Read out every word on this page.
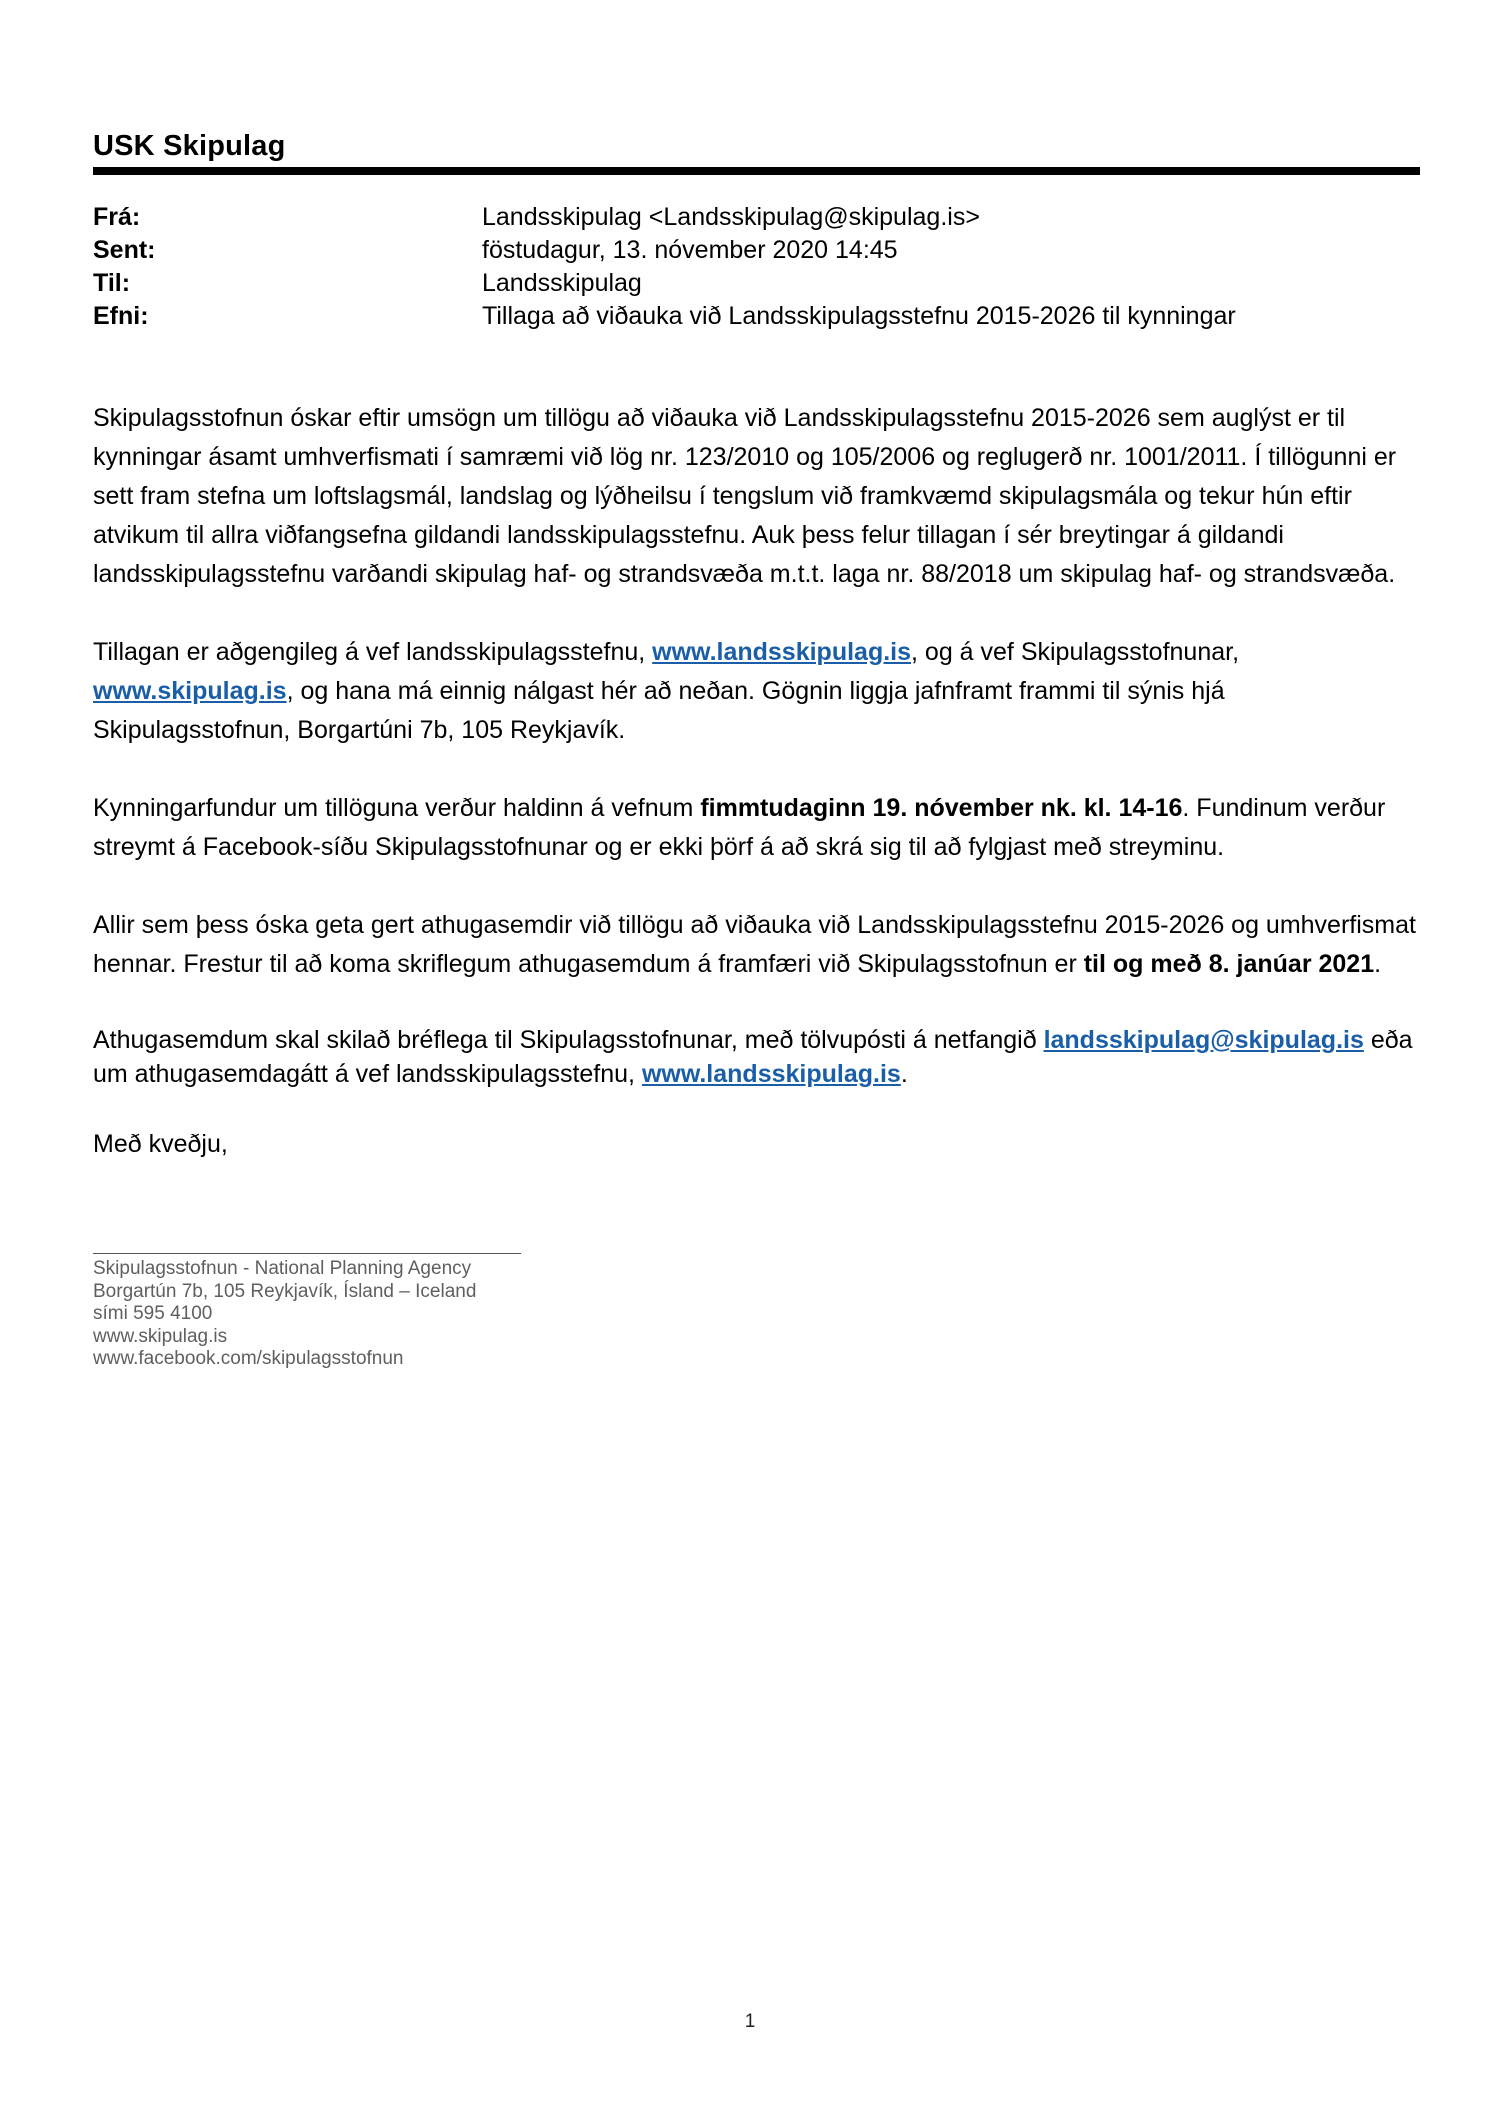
USK Skipulag
Frá:	Landsskipulag <Landsskipulag@skipulag.is>
Sent:	föstudagur, 13. nóvember 2020 14:45
Til:	Landsskipulag
Efni:	Tillaga að viðauka við Landsskipulagsstefnu 2015-2026 til kynningar

Skipulagsstofnun óskar eftir umsögn um tillögu að viðauka við Landsskipulagsstefnu 2015-2026 sem auglýst er til kynningar ásamt umhverfismati í samræmi við lög nr. 123/2010 og 105/2006 og reglugerð nr. 1001/2011. Í tillögunni er sett fram stefna um loftslagsmál, landslag og lýðheilsu í tengslum við framkvæmd skipulagsmála og tekur hún eftir atvikum til allra viðfangsefna gildandi landsskipulagsstefnu. Auk þess felur tillagan í sér breytingar á gildandi landsskipulagsstefnu varðandi skipulag haf- og strandsvæða m.t.t. laga nr. 88/2018 um skipulag haf- og strandsvæða.

Tillagan er aðgengileg á vef landsskipulagsstefnu, www.landsskipulag.is, og á vef Skipulagsstofnunar, www.skipulag.is, og hana má einnig nálgast hér að neðan. Gögnin liggja jafnframt frammi til sýnis hjá Skipulagsstofnun, Borgartúni 7b, 105 Reykjavík.

Kynningarfundur um tillöguna verður haldinn á vefnum fimmtudaginn 19. nóvember nk. kl. 14-16. Fundinum verður streymt á Facebook-síðu Skipulagsstofnunar og er ekki þörf á að skrá sig til að fylgjast með streyminu.

Allir sem þess óska geta gert athugasemdir við tillögu að viðauka við Landsskipulagsstefnu 2015-2026 og umhverfismat hennar. Frestur til að koma skriflegum athugasemdum á framfæri við Skipulagsstofnun er til og með 8. janúar 2021.

Athugasemdum skal skilað bréflega til Skipulagsstofnunar, með tölvupósti á netfangið landsskipulag@skipulag.is eða um athugasemdagátt á vef landsskipulagsstefnu, www.landsskipulag.is.

Með kveðju,

Skipulagsstofnun - National Planning Agency
Borgartún 7b, 105 Reykjavík, Ísland – Iceland
sími 595 4100
www.skipulag.is
www.facebook.com/skipulagsstofnun
1
